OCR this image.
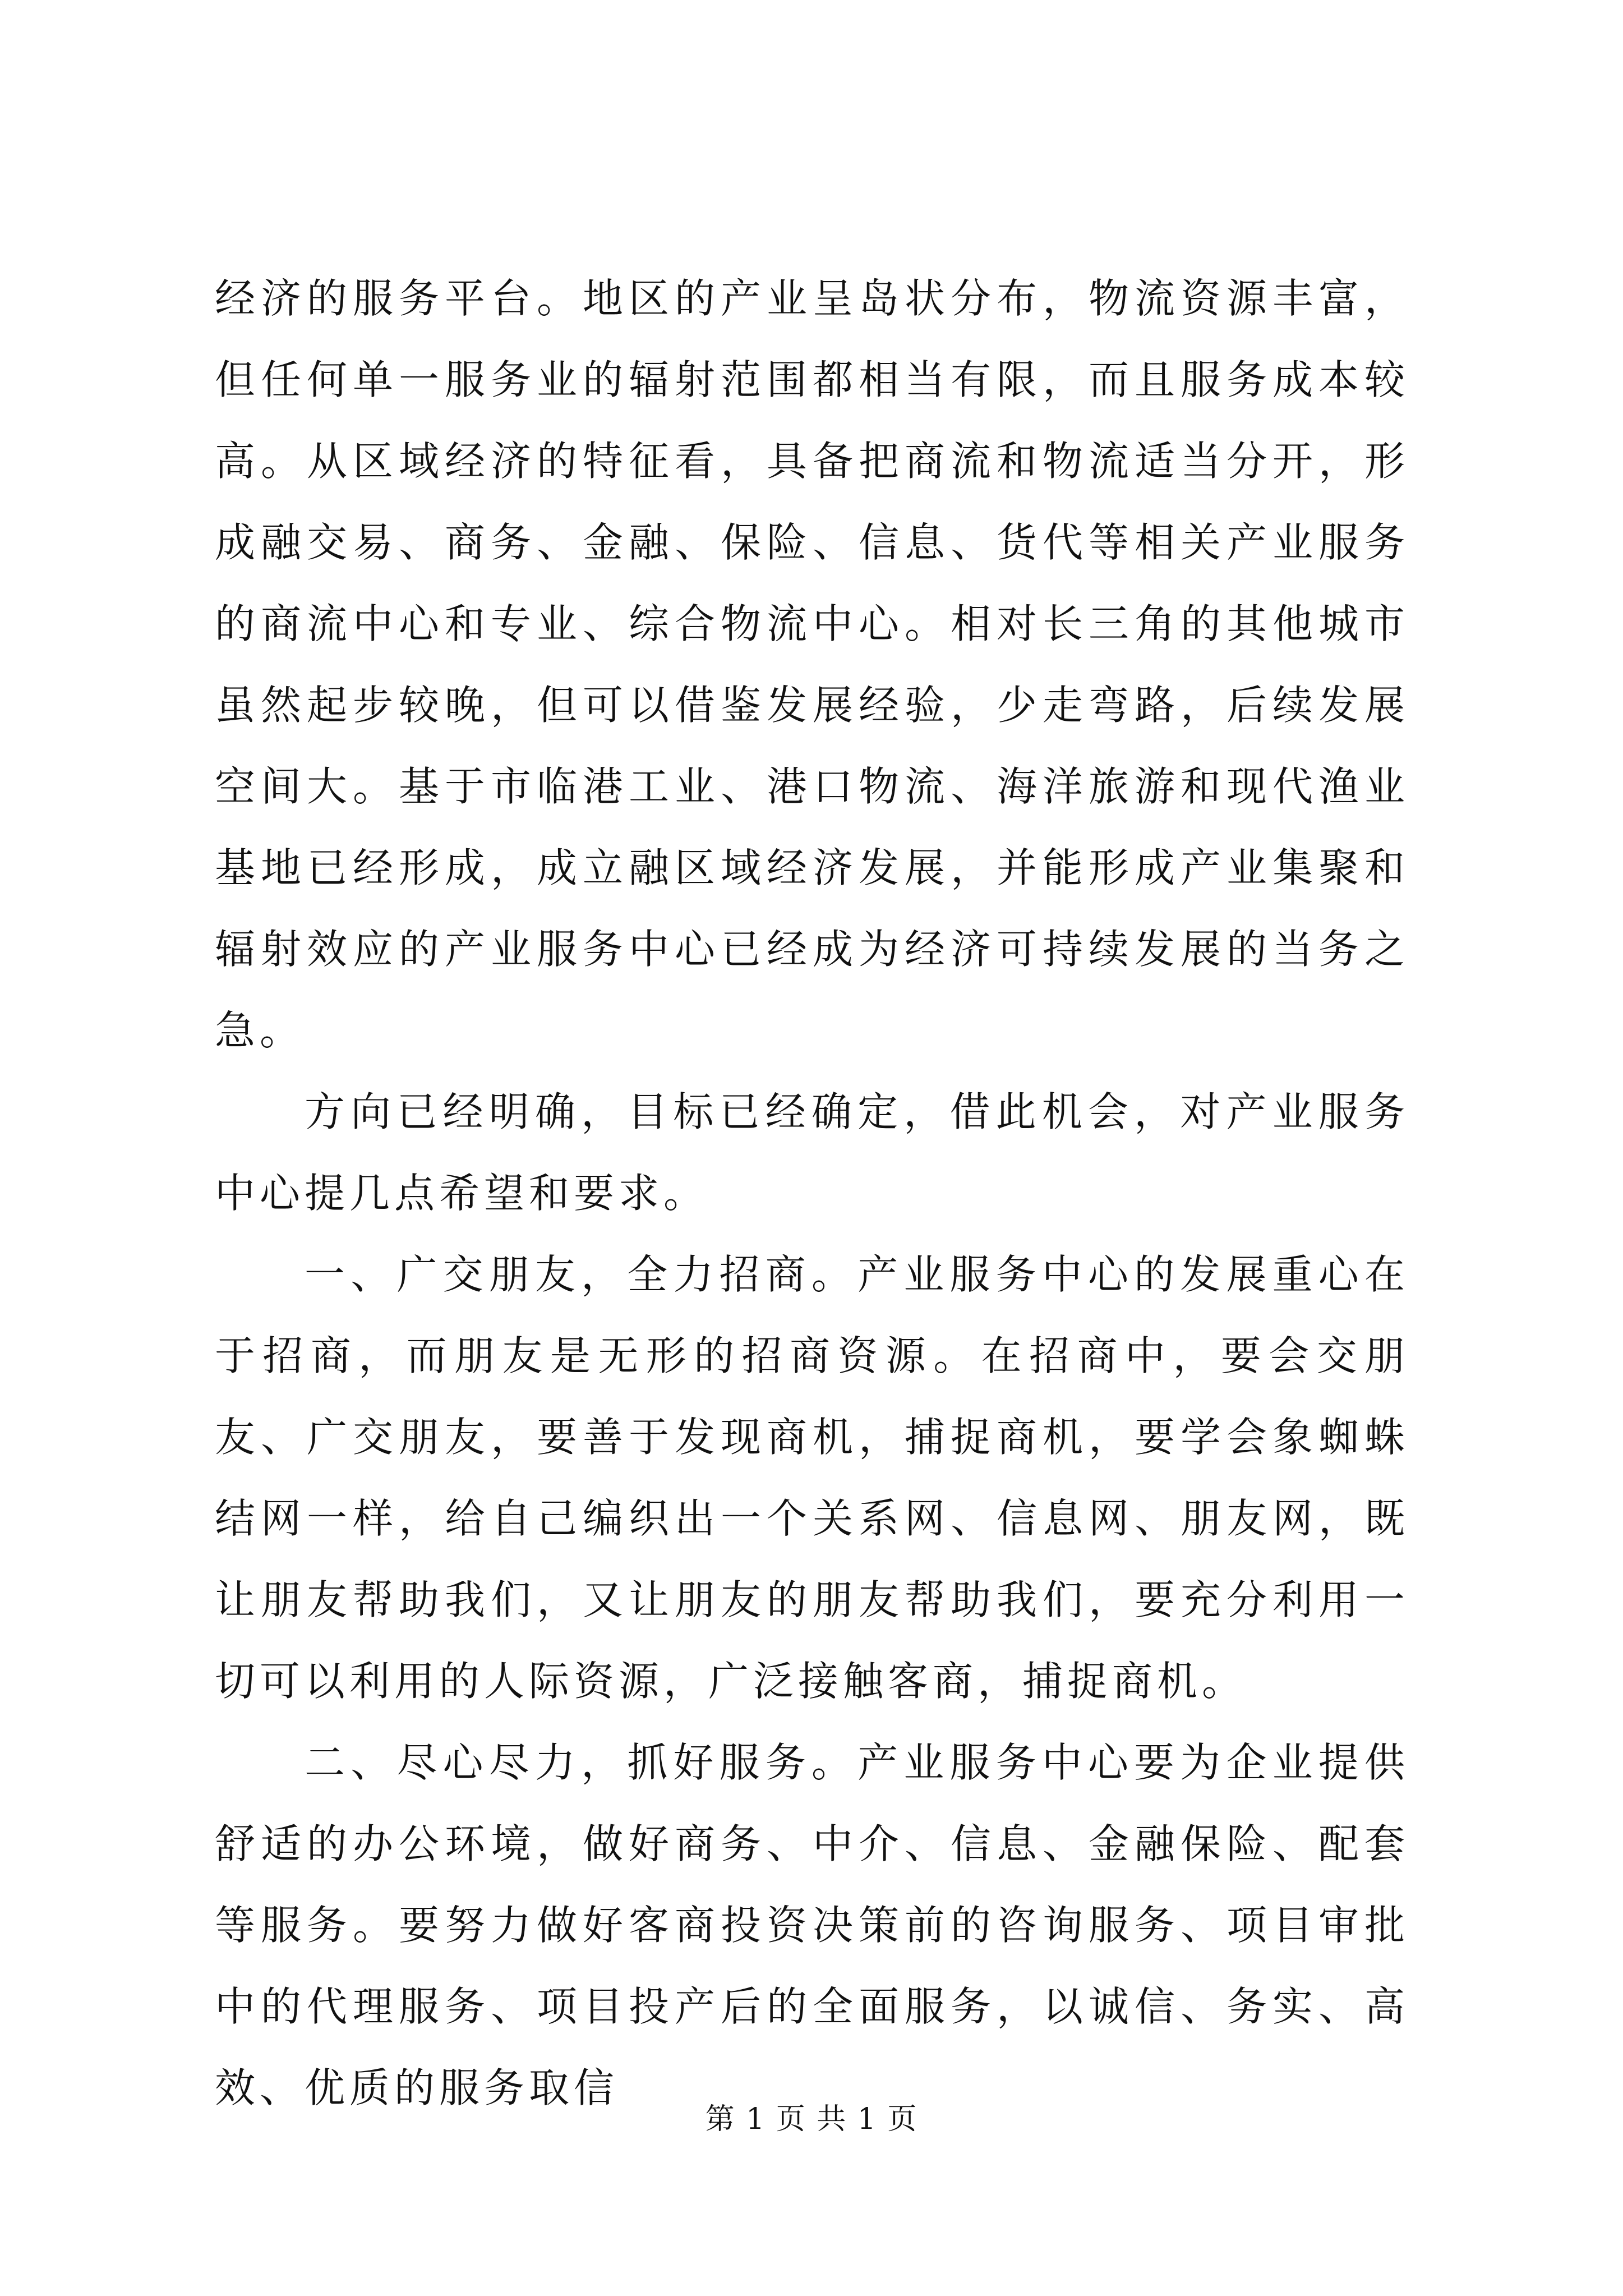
经济的服务平台。地区的产业呈岛状分布，物流资源丰富，但任何单一服务业的辐射范围都相当有限，而且服务成本较高。从区域经济的特征看，具备把商流和物流适当分开，形成融交易、商务、金融、保险、信息、货代等相关产业服务的商流中心和专业、综合物流中心。相对长三角的其他城市虽然起步较晚，但可以借鉴发展经验，少走弯路，后续发展空间大。基于市临港工业、港口物流、海洋旅游和现代渔业基地已经形成，成立融区域经济发展，并能形成产业集聚和辐射效应的产业服务中心已经成为经济可持续发展的当务之急。

方向已经明确，目标已经确定，借此机会，对产业服务中心提几点希望和要求。

一、广交朋友，全力招商。产业服务中心的发展重心在于招商，而朋友是无形的招商资源。在招商中，要会交朋友、广交朋友，要善于发现商机，捕捉商机，要学会象蜘蛛结网一样，给自己编织出一个关系网、信息网、朋友网，既让朋友帮助我们，又让朋友的朋友帮助我们，要充分利用一切可以利用的人际资源，广泛接触客商，捕捉商机。

二、尽心尽力，抓好服务。产业服务中心要为企业提供舒适的办公环境，做好商务、中介、信息、金融保险、配套等服务。要努力做好客商投资决策前的咨询服务、项目审批中的代理服务、项目投产后的全面服务，以诚信、务实、高效、优质的服务取信

第 1 页 共 1 页
